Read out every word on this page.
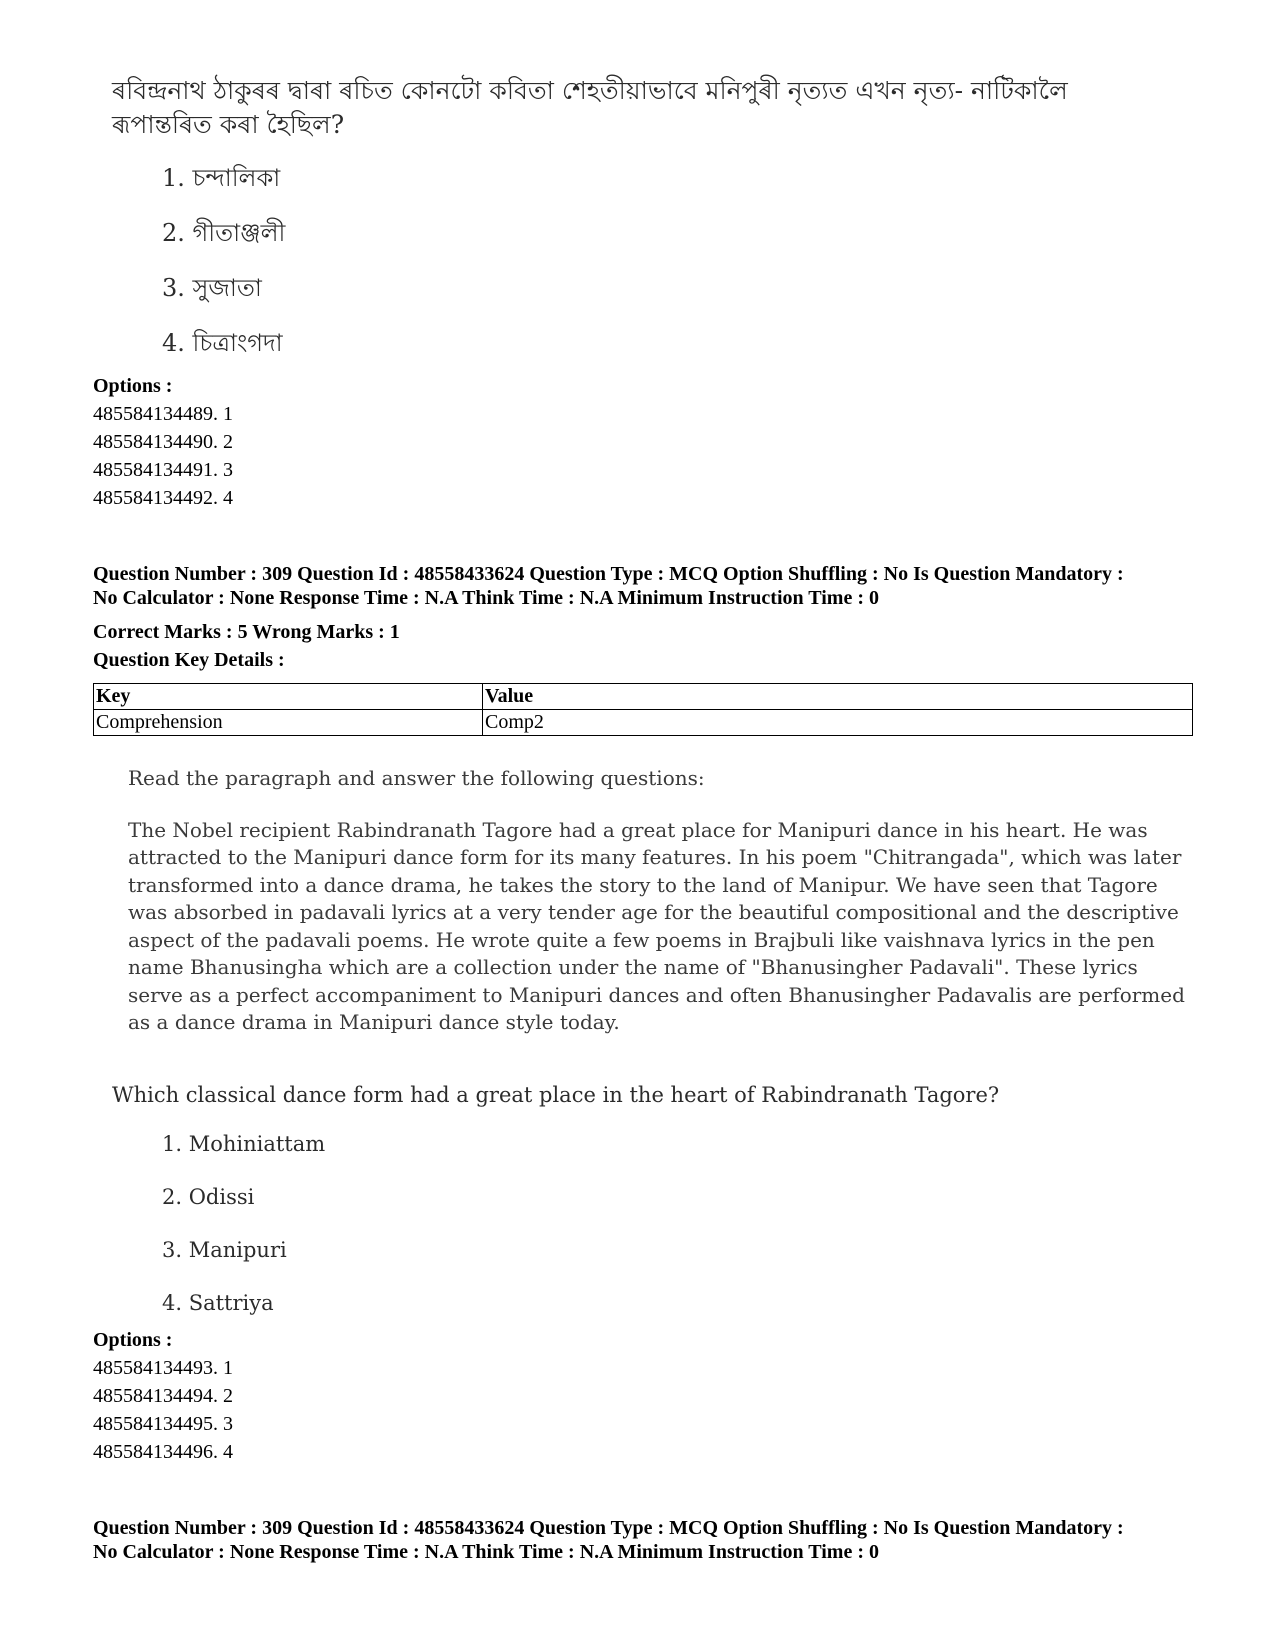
ৰবিন্দ্ৰনাথ ঠাকুৰৰ দ্বাৰা ৰচিত কোনটো কবিতা শেহতীয়াভাবে মনিপুৰী নৃত্যত এখন নৃত্য- নাটিকালৈ ৰূপান্তৰিত কৰা হৈছিল?

1. চন্দালিকা
2. গীতাঞ্জলী
3. সুজাতা
4. চিত্ৰাংগদা
Options :
485584134489. 1
485584134490. 2
485584134491. 3
485584134492. 4
Question Number : 309 Question Id : 48558433624 Question Type : MCQ Option Shuffling : No Is Question Mandatory :
No Calculator : None Response Time : N.A Think Time : N.A Minimum Instruction Time : 0
Correct Marks : 5 Wrong Marks : 1
Question Key Details :
Key	Value
Comprehension	Comp2

Read the paragraph and answer the following questions:

The Nobel recipient Rabindranath Tagore had a great place for Manipuri dance in his heart. He was attracted to the Manipuri dance form for its many features. In his poem "Chitrangada", which was later transformed into a dance drama, he takes the story to the land of Manipur. We have seen that Tagore was absorbed in padavali lyrics at a very tender age for the beautiful compositional and the descriptive aspect of the padavali poems. He wrote quite a few poems in Brajbuli like vaishnava lyrics in the pen name Bhanusingha which are a collection under the name of "Bhanusingher Padavali". These lyrics serve as a perfect accompaniment to Manipuri dances and often Bhanusingher Padavalis are performed as a dance drama in Manipuri dance style today.

Which classical dance form had a great place in the heart of Rabindranath Tagore?

1. Mohiniattam
2. Odissi
3. Manipuri
4. Sattriya
Options :
485584134493. 1
485584134494. 2
485584134495. 3
485584134496. 4
Question Number : 309 Question Id : 48558433624 Question Type : MCQ Option Shuffling : No Is Question Mandatory :
No Calculator : None Response Time : N.A Think Time : N.A Minimum Instruction Time : 0
